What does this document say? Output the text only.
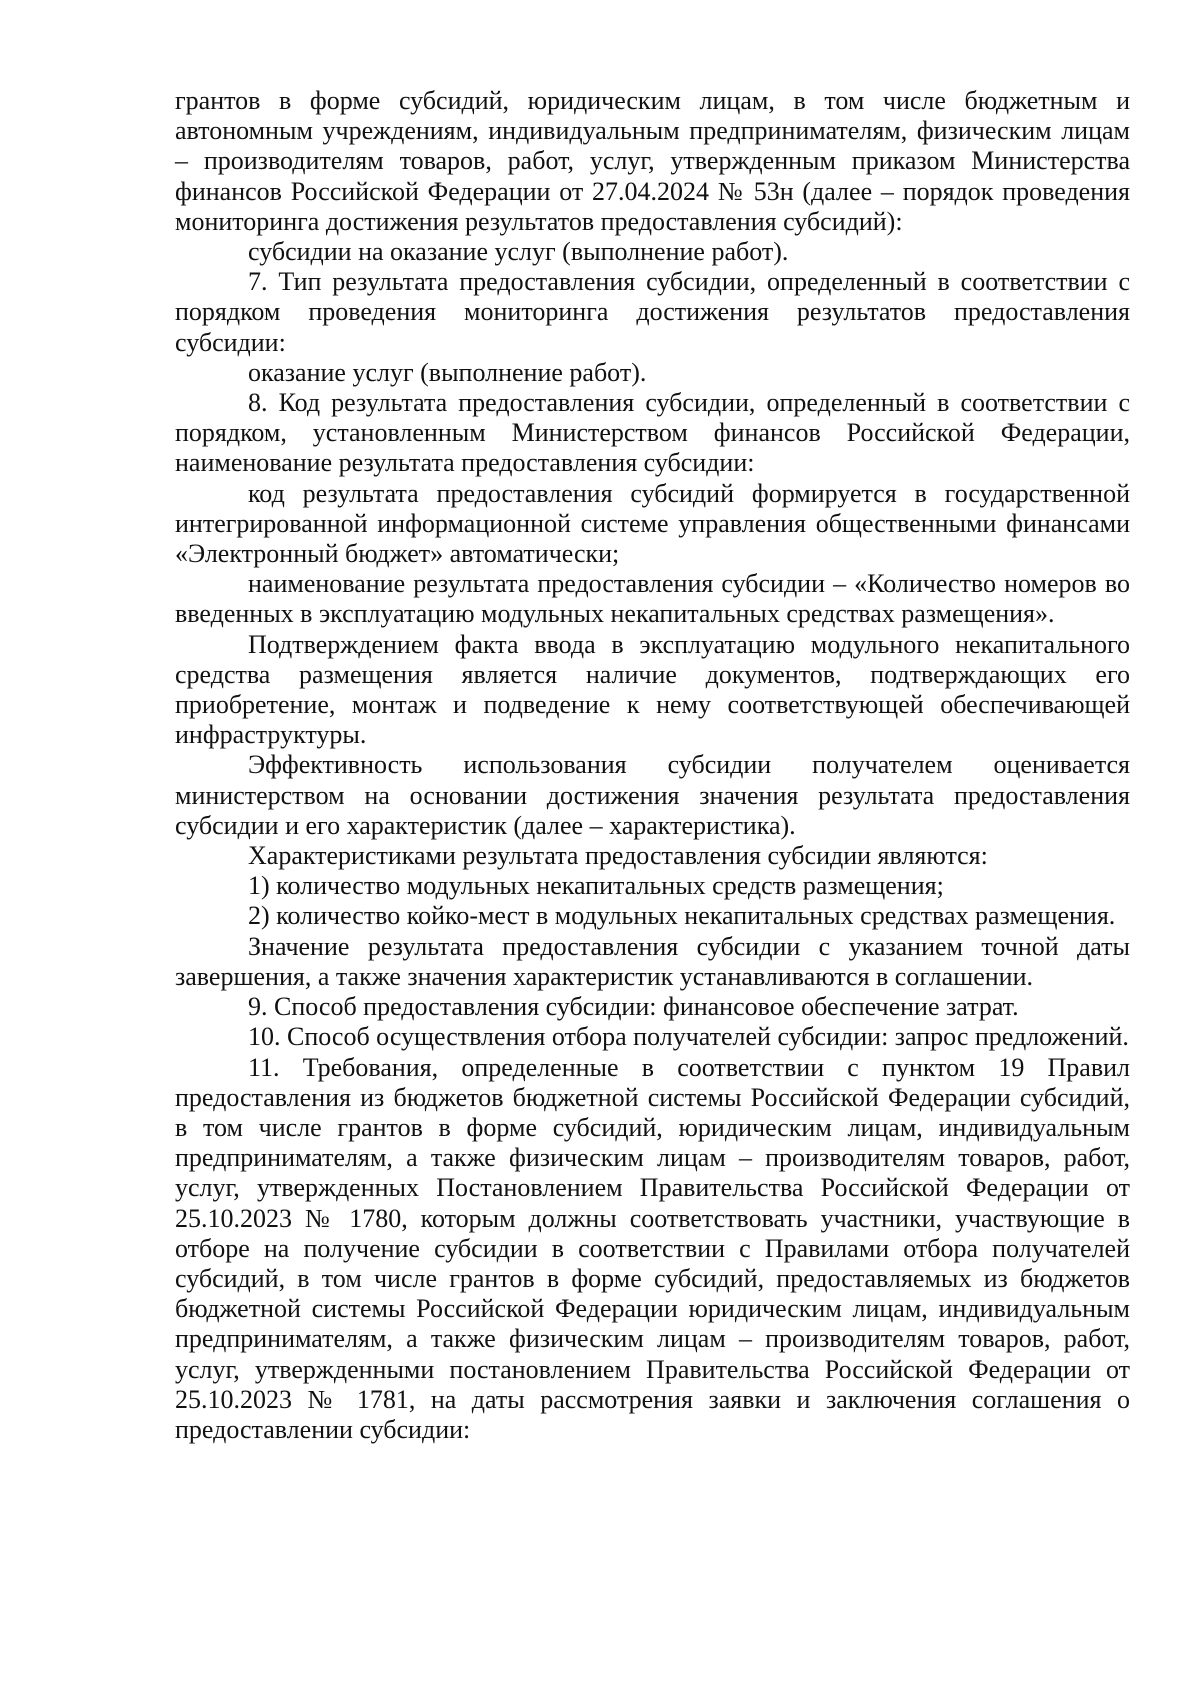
грантов в форме субсидий, юридическим лицам, в том числе бюджетным и автономным учреждениям, индивидуальным предпринимателям, физическим лицам – производителям товаров, работ, услуг, утвержденным приказом Министерства финансов Российской Федерации от 27.04.2024 № 53н (далее – порядок проведения мониторинга достижения результатов предоставления субсидий):

субсидии на оказание услуг (выполнение работ).

7. Тип результата предоставления субсидии, определенный в соответствии с порядком проведения мониторинга достижения результатов предоставления субсидии:

оказание услуг (выполнение работ).

8. Код результата предоставления субсидии, определенный в соответствии с порядком, установленным Министерством финансов Российской Федерации, наименование результата предоставления субсидии:

код результата предоставления субсидий формируется в государственной интегрированной информационной системе управления общественными финансами «Электронный бюджет» автоматически;

наименование результата предоставления субсидии – «Количество номеров во введенных в эксплуатацию модульных некапитальных средствах размещения».

Подтверждением факта ввода в эксплуатацию модульного некапитального средства размещения является наличие документов, подтверждающих его приобретение, монтаж и подведение к нему соответствующей обеспечивающей инфраструктуры.

Эффективность использования субсидии получателем оценивается министерством на основании достижения значения результата предоставления субсидии и его характеристик (далее – характеристика).

Характеристиками результата предоставления субсидии являются:

1) количество модульных некапитальных средств размещения;

2) количество койко-мест в модульных некапитальных средствах размещения.

Значение результата предоставления субсидии с указанием точной даты завершения, а также значения характеристик устанавливаются в соглашении.

9. Способ предоставления субсидии: финансовое обеспечение затрат.

10. Способ осуществления отбора получателей субсидии: запрос предложений.

11. Требования, определенные в соответствии с пунктом 19 Правил предоставления из бюджетов бюджетной системы Российской Федерации субсидий, в том числе грантов в форме субсидий, юридическим лицам, индивидуальным предпринимателям, а также физическим лицам – производителям товаров, работ, услуг, утвержденных Постановлением Правительства Российской Федерации от 25.10.2023 № 1780, которым должны соответствовать участники, участвующие в отборе на получение субсидии в соответствии с Правилами отбора получателей субсидий, в том числе грантов в форме субсидий, предоставляемых из бюджетов бюджетной системы Российской Федерации юридическим лицам, индивидуальным предпринимателям, а также физическим лицам – производителям товаров, работ, услуг, утвержденными постановлением Правительства Российской Федерации от 25.10.2023 № 1781, на даты рассмотрения заявки и заключения соглашения о предоставлении субсидии:
